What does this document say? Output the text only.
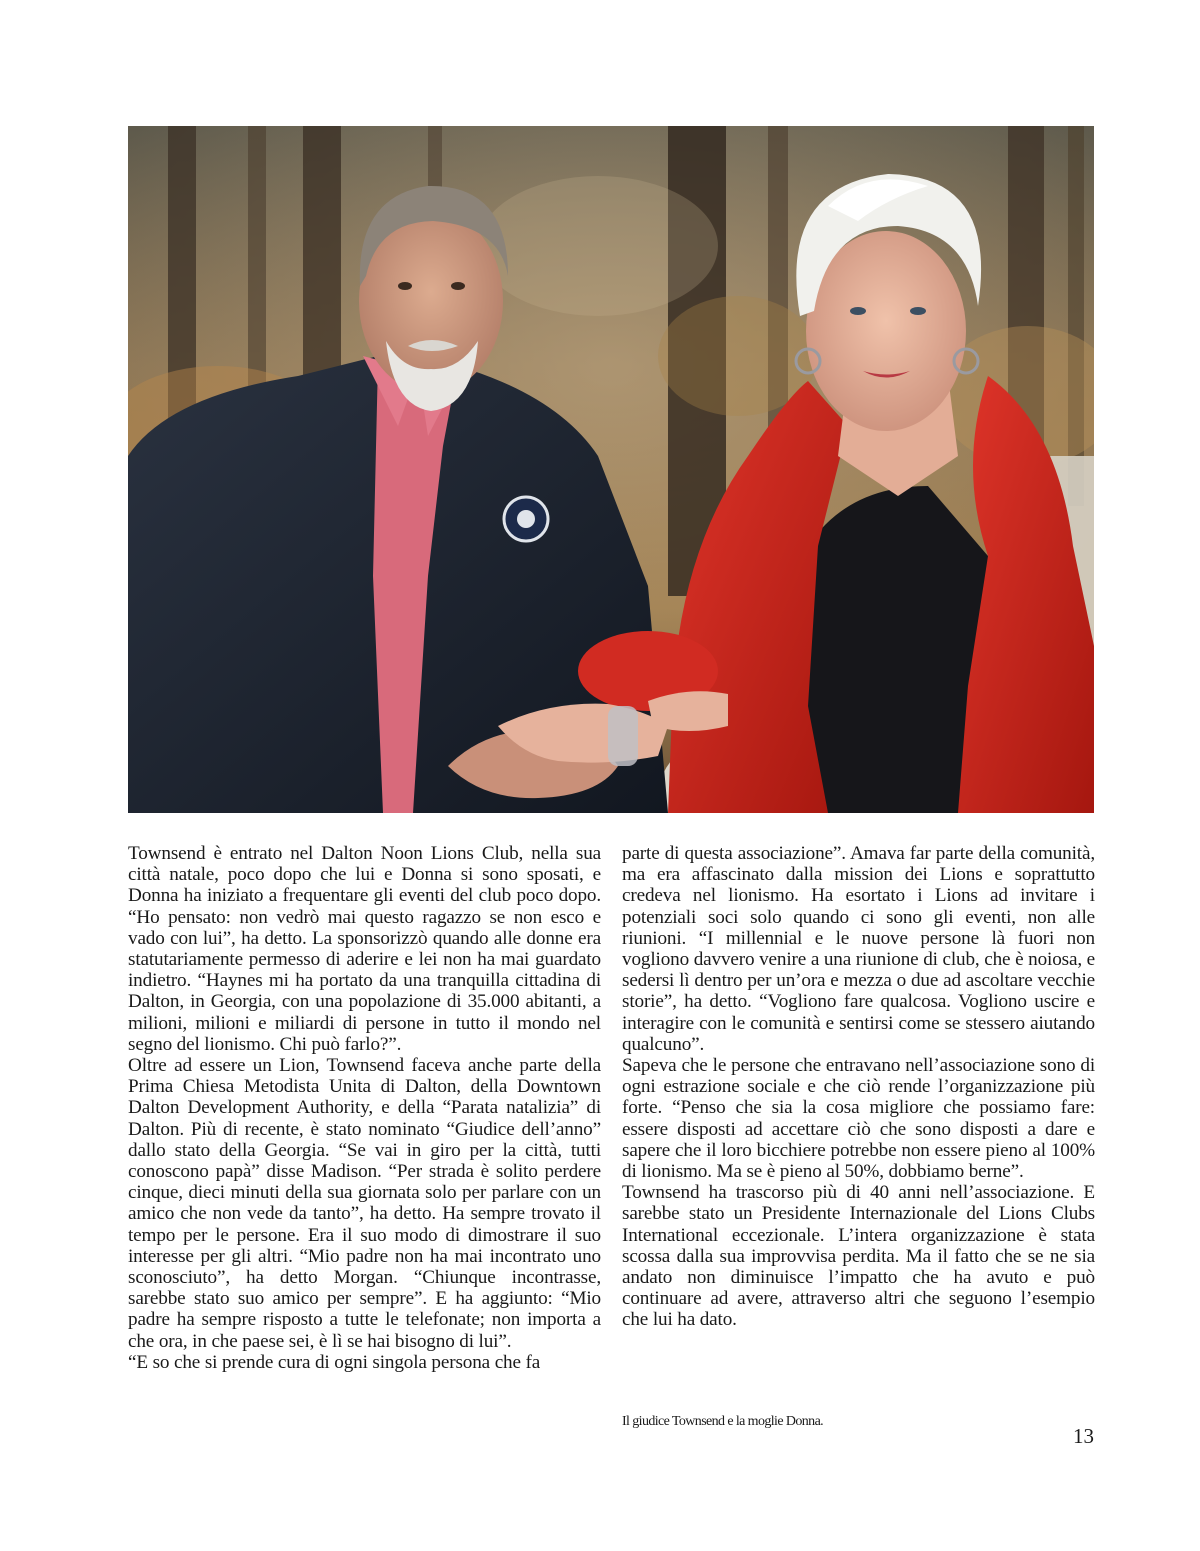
Townsend è entrato nel Dalton Noon Lions Club, nella sua città natale, poco dopo che lui e Donna si sono sposati, e Donna ha iniziato a frequentare gli eventi del club poco dopo. “Ho pensato: non vedrò mai questo ragazzo se non esco e vado con lui”, ha detto. La sponsorizzò quando alle donne era statutariamente permesso di aderire e lei non ha mai guardato indietro. “Haynes mi ha portato da una tranquilla cittadina di Dalton, in Georgia, con una popolazione di 35.000 abitanti, a milioni, milioni e miliardi di persone in tutto il mondo nel segno del lionismo. Chi può farlo?”.

Oltre ad essere un Lion, Townsend faceva anche parte della Prima Chiesa Metodista Unita di Dalton, della Downtown Dalton Development Authority, e della “Parata natalizia” di Dalton. Più di recente, è stato nominato “Giudice dell’anno” dallo stato della Georgia. “Se vai in giro per la città, tutti conoscono papà” disse Madison. “Per strada è solito perdere cinque, dieci minuti della sua giornata solo per parlare con un amico che non vede da tanto”, ha detto. Ha sempre trovato il tempo per le persone. Era il suo modo di dimostrare il suo interesse per gli altri. “Mio padre non ha mai incontrato uno sconosciuto”, ha detto Morgan. “Chiunque incontrasse, sarebbe stato suo amico per sempre”. E ha aggiunto: “Mio padre ha sempre risposto a tutte le telefonate; non importa a che ora, in che paese sei, è lì se hai bisogno di lui”.

“E so che si prende cura di ogni singola persona che fa

parte di questa associazione”. Amava far parte della comunità, ma era affascinato dalla mission dei Lions e soprattutto credeva nel lionismo. Ha esortato i Lions ad invitare i potenziali soci solo quando ci sono gli eventi, non alle riunioni. “I millennial e le nuove persone là fuori non vogliono davvero venire a una riunione di club, che è noiosa, e sedersi lì dentro per un’ora e mezza o due ad ascoltare vecchie storie”, ha detto. “Vogliono fare qualcosa. Vogliono uscire e interagire con le comunità e sentirsi come se stessero aiutando qualcuno”.

Sapeva che le persone che entravano nell’associazione sono di ogni estrazione sociale e che ciò rende l’organizzazione più forte. “Penso che sia la cosa migliore che possiamo fare: essere disposti ad accettare ciò che sono disposti a dare e sapere che il loro bicchiere potrebbe non essere pieno al 100% di lionismo. Ma se è pieno al 50%, dobbiamo berne”.

Townsend ha trascorso più di 40 anni nell’associazione. E sarebbe stato un Presidente Internazionale del Lions Clubs International eccezionale. L’intera organizzazione è stata scossa dalla sua improvvisa perdita. Ma il fatto che se ne sia andato non diminuisce l’impatto che ha avuto e può continuare ad avere, attraverso altri che seguono l’esempio che lui ha dato.

Il giudice Townsend e la moglie Donna.
13
